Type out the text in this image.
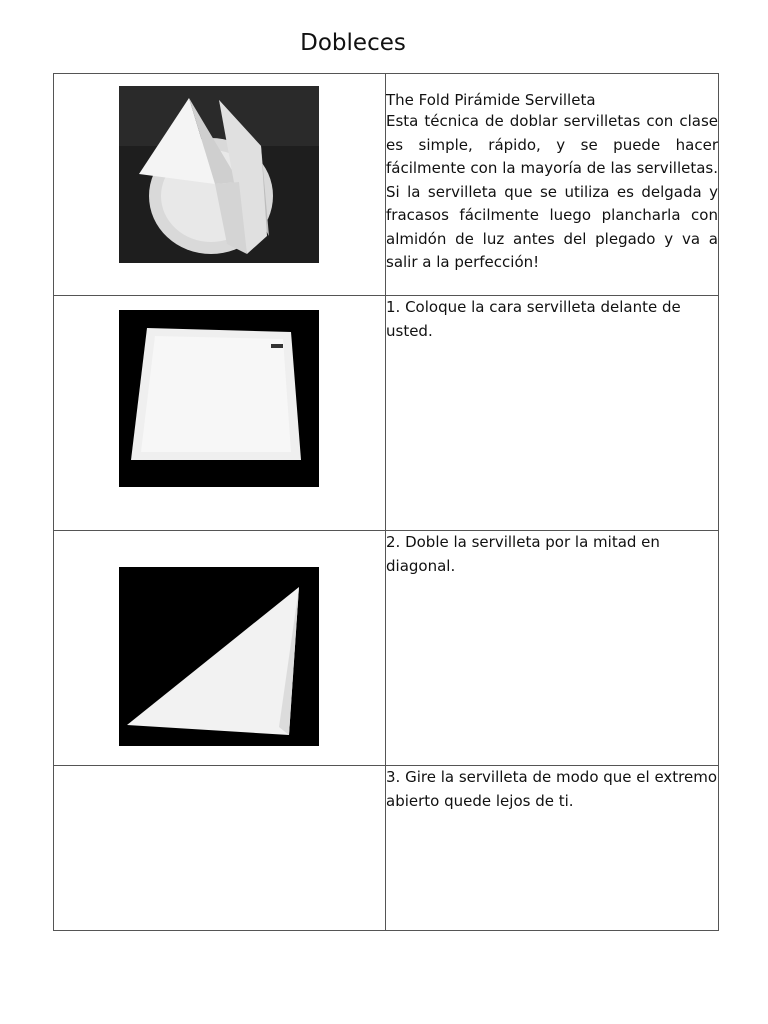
Dobleces

The Fold Pirámide Servilleta
Esta técnica de doblar servilletas con clase es simple, rápido, y se puede hacer fácilmente con la mayoría de las servilletas. Si la servilleta que se utiliza es delgada y fracasos fácilmente luego plancharla con almidón de luz antes del plegado y va a salir a la perfección!

1. Coloque la cara servilleta delante de usted.

2. Doble la servilleta por la mitad en diagonal.

	3. Gire la servilleta de modo que el extremo abierto quede lejos de ti.
